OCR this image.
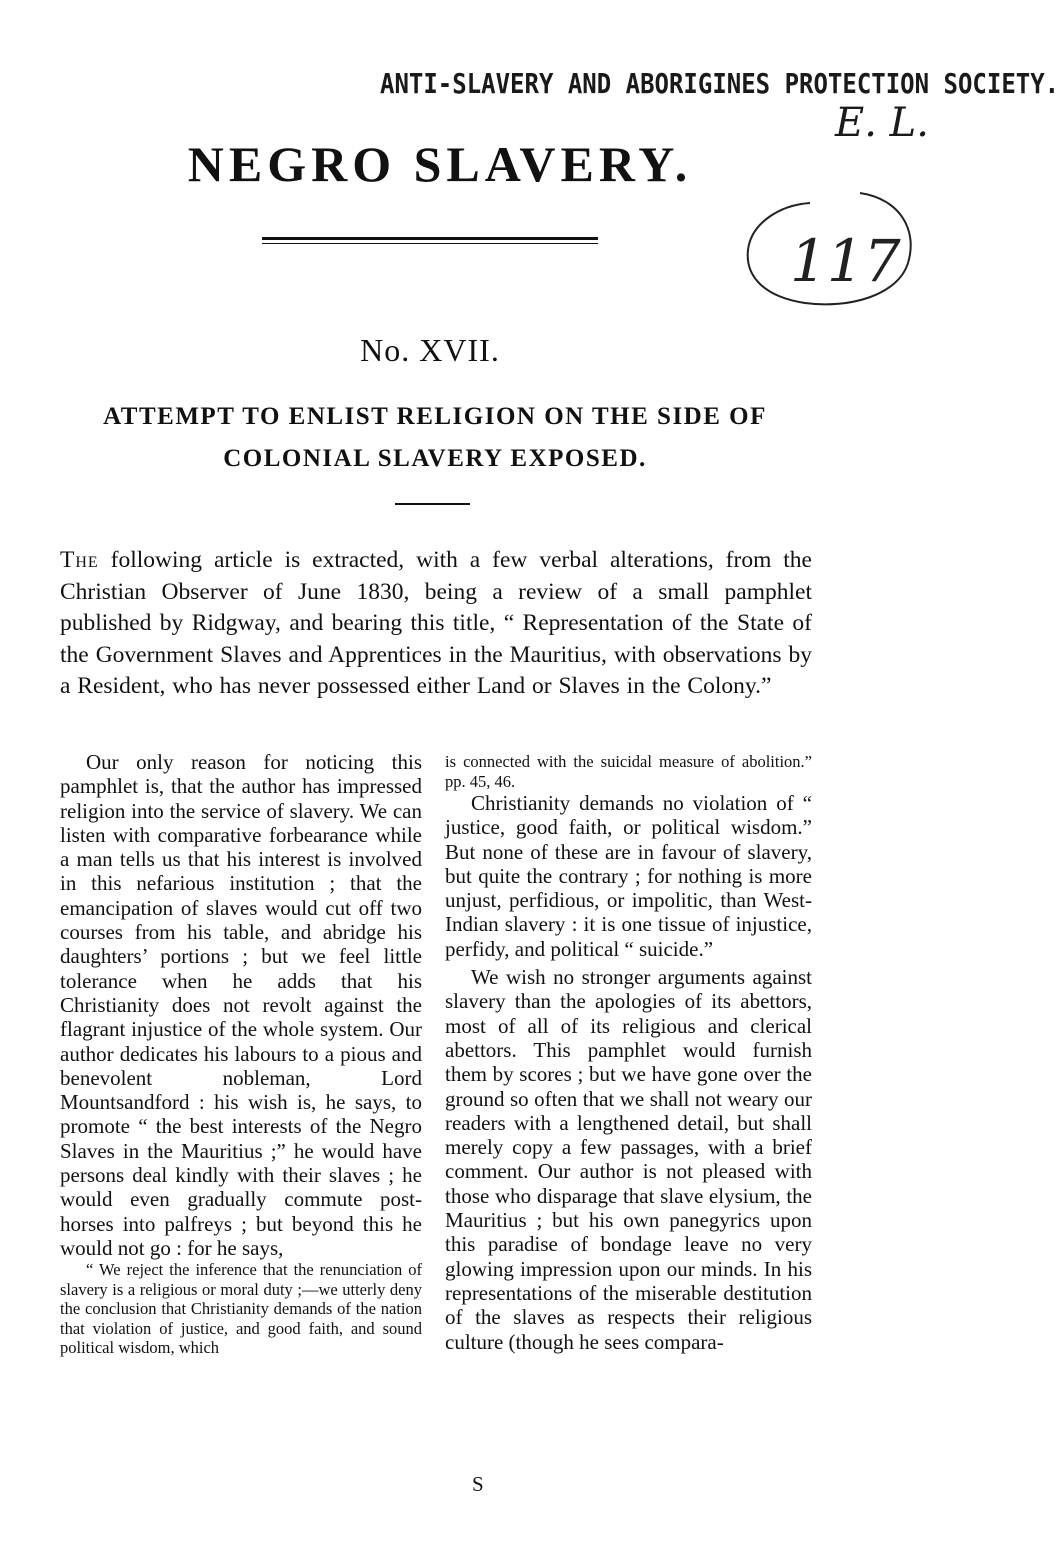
ANTI-SLAVERY AND ABORIGINES PROTECTION SOCIETY.
E. L.
117
NEGRO SLAVERY.
No. XVII.
ATTEMPT TO ENLIST RELIGION ON THE SIDE OF
COLONIAL SLAVERY EXPOSED.
The following article is extracted, with a few verbal alterations, from the Christian Observer of June 1830, being a review of a small pamphlet published by Ridgway, and bearing this title, “ Representation of the State of the Government Slaves and Apprentices in the Mauritius, with observations by a Resident, who has never possessed either Land or Slaves in the Colony.”

Our only reason for noticing this pamphlet is, that the author has impressed religion into the service of slavery. We can listen with comparative forbearance while a man tells us that his interest is involved in this nefarious institution ; that the emancipation of slaves would cut off two courses from his table, and abridge his daughters’ portions ; but we feel little tolerance when he adds that his Christianity does not revolt against the flagrant injustice of the whole system. Our author dedicates his labours to a pious and benevolent nobleman, Lord Mountsandford : his wish is, he says, to promote “ the best interests of the Negro Slaves in the Mauritius ;” he would have persons deal kindly with their slaves ; he would even gradually commute post-horses into palfreys ; but beyond this he would not go : for he says,

“ We reject the inference that the renunciation of slavery is a religious or moral duty ;—we utterly deny the conclusion that Christianity demands of the nation that violation of justice, and good faith, and sound political wisdom, which

is connected with the suicidal measure of abolition.” pp. 45, 46.

Christianity demands no violation of “ justice, good faith, or political wisdom.” But none of these are in favour of slavery, but quite the contrary ; for nothing is more unjust, perfidious, or impolitic, than West-Indian slavery : it is one tissue of injustice, perfidy, and political “ suicide.”

We wish no stronger arguments against slavery than the apologies of its abettors, most of all of its religious and clerical abettors. This pamphlet would furnish them by scores ; but we have gone over the ground so often that we shall not weary our readers with a lengthened detail, but shall merely copy a few passages, with a brief comment. Our author is not pleased with those who disparage that slave elysium, the Mauritius ; but his own panegyrics upon this paradise of bondage leave no very glowing impression upon our minds. In his representations of the miserable destitution of the slaves as respects their religious culture (though he sees compara-

S
